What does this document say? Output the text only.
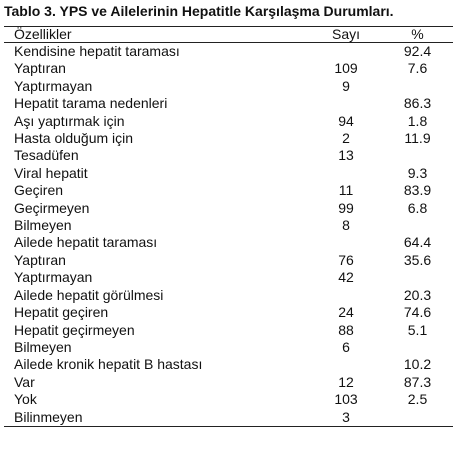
Tablo 3. YPS ve Ailelerinin Hepatitle Karşılaşma Durumları.
Özellikler	Sayı	%
Kendisine hepatit taraması		92.4
Yaptıran	109	7.6
Yaptırmayan	9	
Hepatit tarama nedenleri		86.3
Aşı yaptırmak için	94	1.8
Hasta olduğum için	2	11.9
Tesadüfen	13	
Viral hepatit		9.3
Geçiren	11	83.9
Geçirmeyen	99	6.8
Bilmeyen	8	
Ailede hepatit taraması		64.4
Yaptıran	76	35.6
Yaptırmayan	42	
Ailede hepatit görülmesi		20.3
Hepatit geçiren	24	74.6
Hepatit geçirmeyen	88	5.1
Bilmeyen	6	
Ailede kronik hepatit B hastası		10.2
Var	12	87.3
Yok	103	2.5
Bilinmeyen	3	
